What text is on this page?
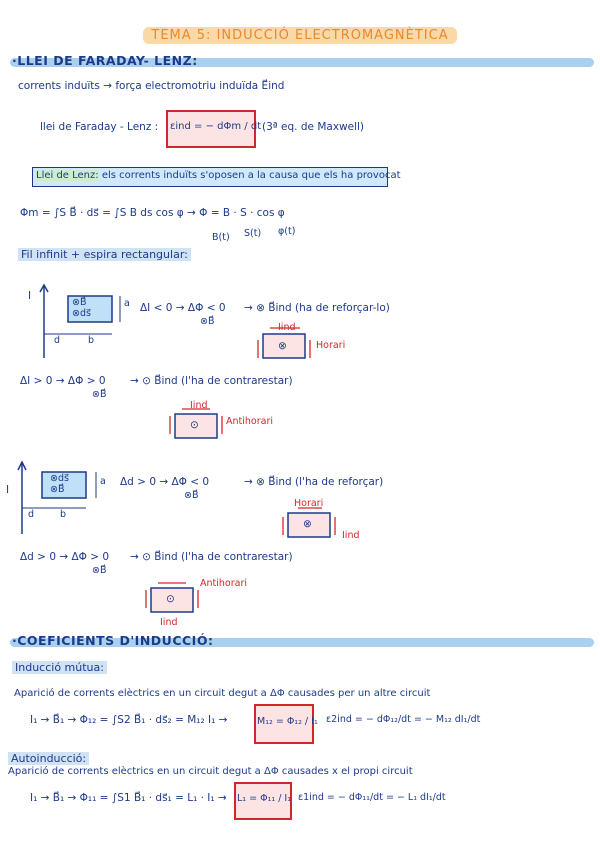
TEMA 5: INDUCCIÓ ELECTROMAGNÈTICA
·LLEI DE FARADAY- LENZ:
corrents induïts → força electromotriu induïda E⃗ind
llei de Faraday - Lenz : εind = − dΦm / dt (3ª eq. de Maxwell)
Llei de Lenz: els corrents induïts s'oposen a la causa que els ha provocat
Φm = ∫S B⃗ · ds⃗ = ∫S B ds cos φ → Φ = B · S · cos φ
B(t) S(t) φ(t)
Fil infinit + espira rectangular:
I
⊗B⃗
⊗ds⃗
a
d	b
ΔI < 0 → ΔΦ < 0
⊗B⃗
→ ⊗ B⃗ind (ha de reforçar-lo)
Iind
Horari
⊗
ΔI > 0 → ΔΦ > 0
⊗B⃗
→ ⊙ B⃗ind (l'ha de contrarestar)
Iind
Antihorari
⊙
I
⊗ds⃗
⊗B⃗
a
d	b
Δd > 0 → ΔΦ < 0
⊗B⃗
→ ⊗ B⃗ind (l'ha de reforçar)
Horari
Iind
⊗
Δd > 0 → ΔΦ > 0
⊗B⃗
→ ⊙ B⃗ind (l'ha de contrarestar)
Antihorari
Iind
⊙
·COEFICIENTS D'INDUCCIÓ:
Inducció mútua:
Aparició de corrents elèctrics en un circuit degut a ΔΦ causades per un altre circuit
I₁ → B⃗₁ → Φ₁₂ = ∫S2 B⃗₁ · ds⃗₂ = M₁₂ I₁ →	M₁₂ = Φ₁₂ / I₁ ε2ind = − dΦ₁₂/dt = − M₁₂ dI₁/dt
Autoinducció:
Aparició de corrents elèctrics en un circuit degut a ΔΦ causades x el propi circuit
I₁ → B⃗₁ → Φ₁₁ = ∫S1 B⃗₁ · ds⃗₁ = L₁ · I₁ → L₁ = Φ₁₁ / I₁ ε1ind = − dΦ₁₁/dt = − L₁ dI₁/dt
